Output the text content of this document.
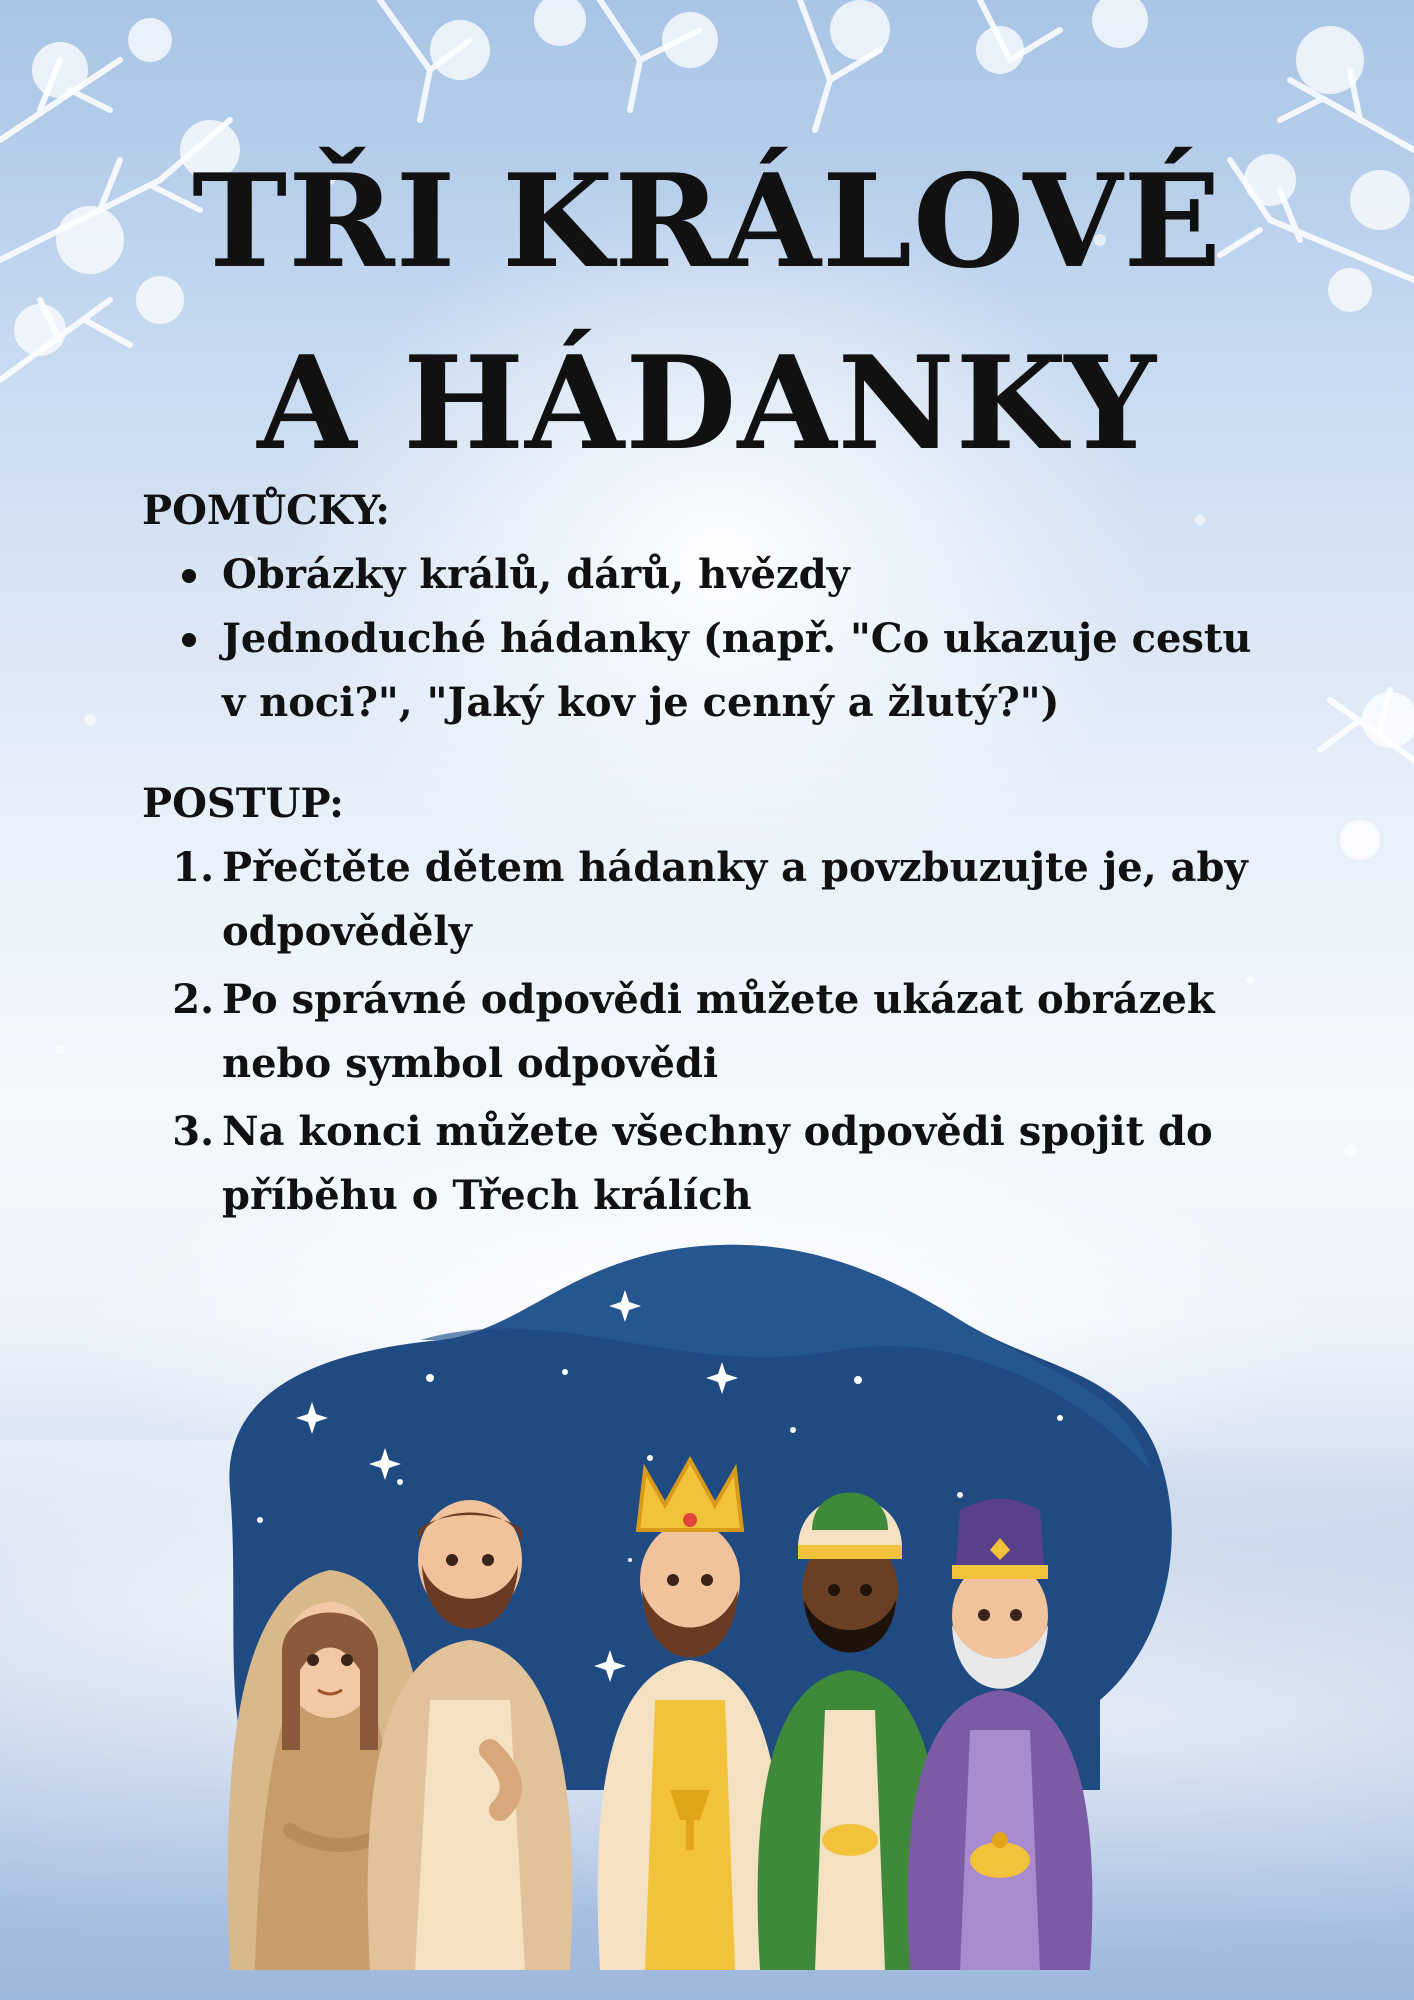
TŘI KRÁLOVÉ
A HÁDANKY
POMŮCKY:
Obrázky králů, dárů, hvězdy
Jednoduché hádanky (např. "Co ukazuje cestu v noci?", "Jaký kov je cenný a žlutý?")
POSTUP:
1. Přečtěte dětem hádanky a povzbuzujte je, aby odpověděly
2. Po správné odpovědi můžete ukázat obrázek nebo symbol odpovědi
3. Na konci můžete všechny odpovědi spojit do příběhu o Třech králích
